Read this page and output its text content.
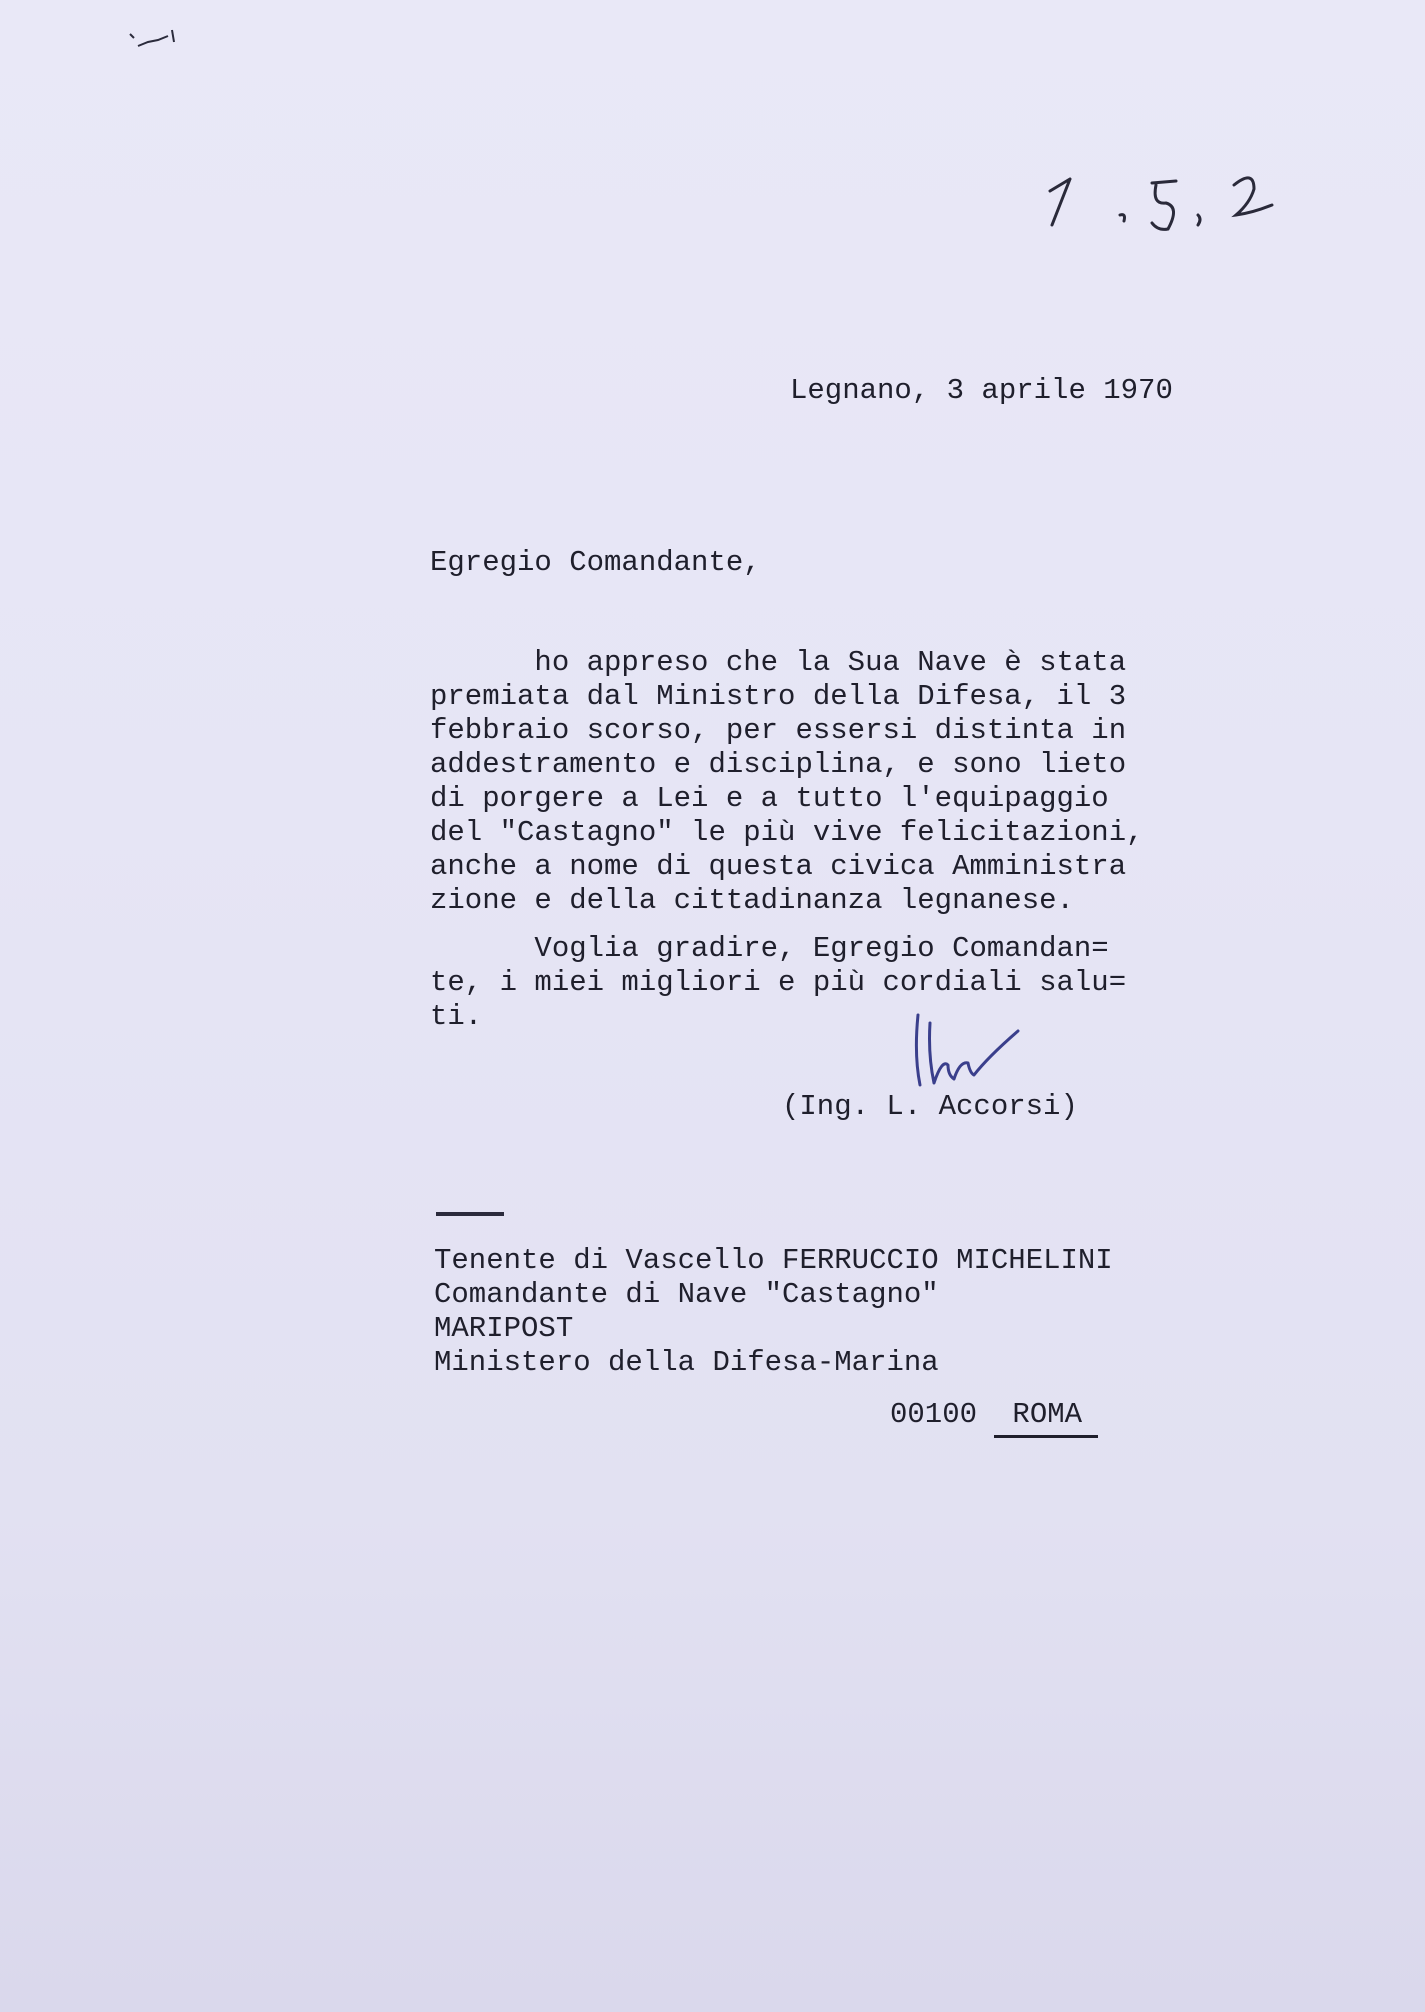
Legnano, 3 aprile 1970
Egregio Comandante,
ho appreso che la Sua Nave è stata
premiata dal Ministro della Difesa, il 3
febbraio scorso, per essersi distinta in
addestramento e disciplina, e sono lieto
di porgere a Lei e a tutto l'equipaggio
del "Castagno" le più vive felicitazioni,
anche a nome di questa civica Amministra
zione e della cittadinanza legnanese.
Voglia gradire, Egregio Comandan=
te, i miei migliori e più cordiali salu=
ti.
(Ing. L. Accorsi)
Tenente di Vascello FERRUCCIO MICHELINI
Comandante di Nave "Castagno"
MARIPOST
Ministero della Difesa-Marina
00100 ROMA
